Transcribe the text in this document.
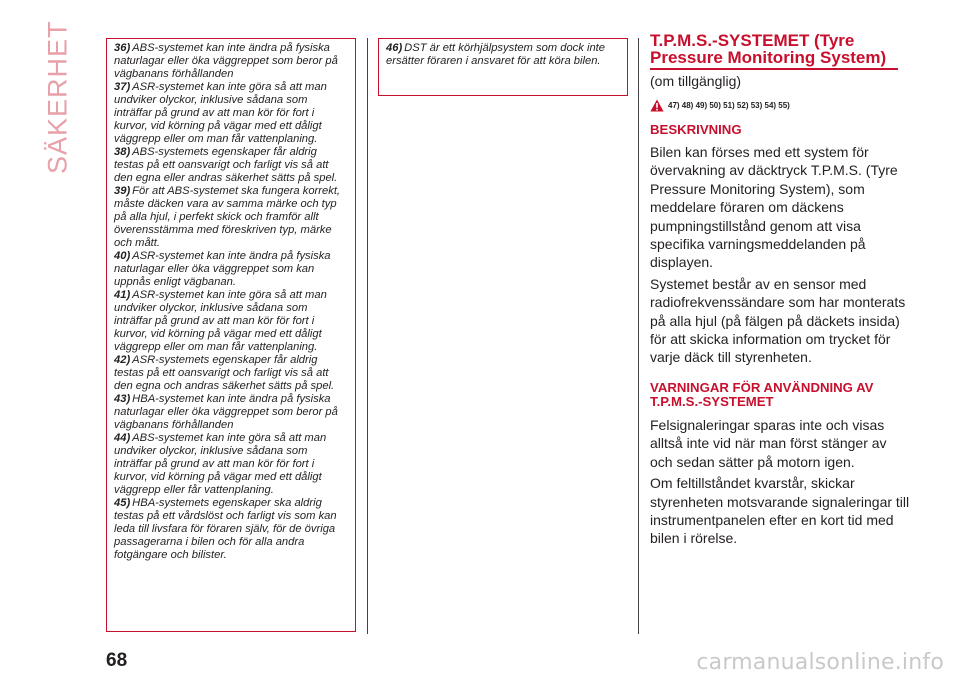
SÄKERHET	36) ABS-systemet kan inte ändra på fysiska naturlagar eller öka väggreppet som beror på vägbanans förhållanden

37) ASR-systemet kan inte göra så att man undviker olyckor, inklusive sådana som inträffar på grund av att man kör för fort i kurvor, vid körning på vägar med ett dåligt väggrepp eller om man får vattenplaning.

38) ABS-systemets egenskaper får aldrig testas på ett oansvarigt och farligt vis så att den egna eller andras säkerhet sätts på spel.

39) För att ABS-systemet ska fungera korrekt, måste däcken vara av samma märke och typ på alla hjul, i perfekt skick och framför allt överensstämma med föreskriven typ, märke och mått.

40) ASR-systemet kan inte ändra på fysiska naturlagar eller öka väggreppet som kan uppnås enligt vägbanan.

41) ASR-systemet kan inte göra så att man undviker olyckor, inklusive sådana som inträffar på grund av att man kör för fort i kurvor, vid körning på vägar med ett dåligt väggrepp eller om man får vattenplaning.

42) ASR-systemets egenskaper får aldrig testas på ett oansvarigt och farligt vis så att den egna och andras säkerhet sätts på spel.

43) HBA-systemet kan inte ändra på fysiska naturlagar eller öka väggreppet som beror på vägbanans förhållanden

44) ABS-systemet kan inte göra så att man undviker olyckor, inklusive sådana som inträffar på grund av att man kör för fort i kurvor, vid körning på vägar med ett dåligt väggrepp eller får vattenplaning.

45) HBA-systemets egenskaper ska aldrig testas på ett vårdslöst och farligt vis som kan leda till livsfara för föraren själv, för de övriga passagerarna i bilen och för alla andra fotgängare och bilister.

46) DST är ett körhjälpsystem som dock inte ersätter föraren i ansvaret för att köra bilen.

T.P.M.S.-SYSTEMET (Tyre
Pressure Monitoring System)
(om tillgänglig)
47) 48) 49) 50) 51) 52) 53) 54) 55)
BESKRIVNING

Bilen kan förses med ett system för övervakning av däcktryck T.P.M.S. (Tyre Pressure Monitoring System), som meddelare föraren om däckens pumpningstillstånd genom att visa specifika varningsmeddelanden på displayen.

Systemet består av en sensor med radiofrekvenssändare som har monterats på alla hjul (på fälgen på däckets insida) för att skicka information om trycket för varje däck till styrenheten.

VARNINGAR FÖR ANVÄNDNING AV
T.P.M.S.-SYSTEMET

Felsignaleringar sparas inte och visas alltså inte vid när man först stänger av och sedan sätter på motorn igen.

Om feltillståndet kvarstår, skickar styrenheten motsvarande signaleringar till instrumentpanelen efter en kort tid med bilen i rörelse.

68	carmanualsonline.info
